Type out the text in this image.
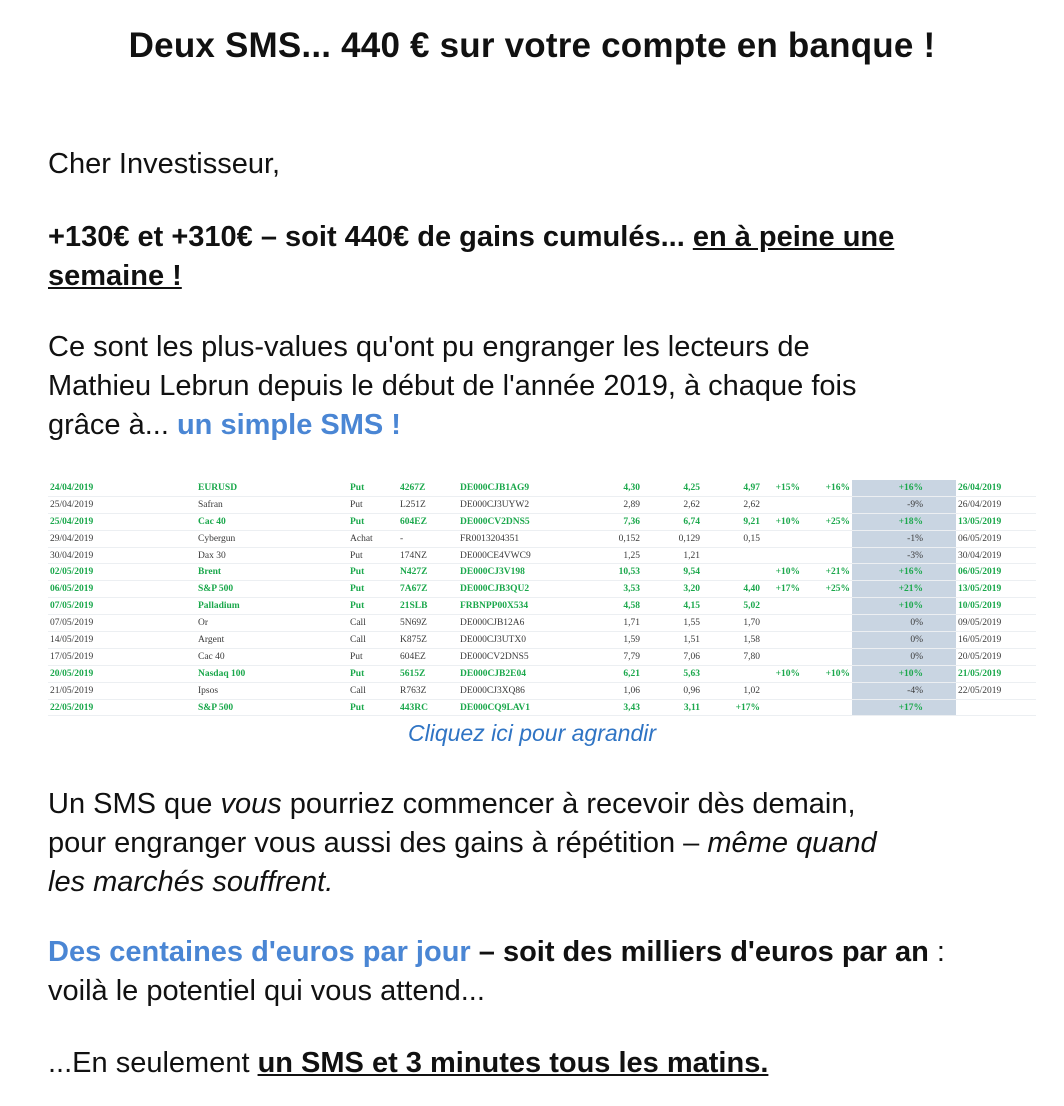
Deux SMS... 440 € sur votre compte en banque !
Cher Investisseur,
+130€ et +310€ – soit 440€ de gains cumulés... en à peine une
semaine !
Ce sont les plus-values qu'ont pu engranger les lecteurs de
Mathieu Lebrun depuis le début de l'année 2019, à chaque fois
grâce à... un simple SMS !
24/04/2019	EURUSD	Put	4267Z	DE000CJB1AG9	4,30	4,25	4,97	+15%	+16%	+16%		26/04/2019
25/04/2019	Safran	Put	L251Z	DE000CJ3UYW2	2,89	2,62	2,62			-9%		26/04/2019
25/04/2019	Cac 40	Put	604EZ	DE000CV2DNS5	7,36	6,74	9,21	+10%	+25%	+18%		13/05/2019
29/04/2019	Cybergun	Achat	-	FR0013204351	0,152	0,129	0,15			-1%		06/05/2019
30/04/2019	Dax 30	Put	174NZ	DE000CE4VWC9	1,25	1,21				-3%		30/04/2019
02/05/2019	Brent	Put	N427Z	DE000CJ3V198	10,53	9,54		+10%	+21%	+16%		06/05/2019
06/05/2019	S&P 500	Put	7A67Z	DE000CJB3QU2	3,53	3,20	4,40	+17%	+25%	+21%		13/05/2019
07/05/2019	Palladium	Put	21SLB	FRBNPP00X534	4,58	4,15	5,02			+10%		10/05/2019
07/05/2019	Or	Call	5N69Z	DE000CJB12A6	1,71	1,55	1,70			0%		09/05/2019
14/05/2019	Argent	Call	K875Z	DE000CJ3UTX0	1,59	1,51	1,58			0%		16/05/2019
17/05/2019	Cac 40	Put	604EZ	DE000CV2DNS5	7,79	7,06	7,80			0%		20/05/2019
20/05/2019	Nasdaq 100	Put	5615Z	DE000CJB2E04	6,21	5,63		+10%	+10%	+10%		21/05/2019
21/05/2019	Ipsos	Call	R763Z	DE000CJ3XQ86	1,06	0,96	1,02			-4%		22/05/2019
22/05/2019	S&P 500	Put	443RC	DE000CQ9LAV1	3,43	3,11	+17%			+17%		
Cliquez ici pour agrandir
Un SMS que vous pourriez commencer à recevoir dès demain,
pour engranger vous aussi des gains à répétition – même quand
les marchés souffrent.
Des centaines d'euros par jour – soit des milliers d'euros par an :
voilà le potentiel qui vous attend...
...En seulement un SMS et 3 minutes tous les matins.
